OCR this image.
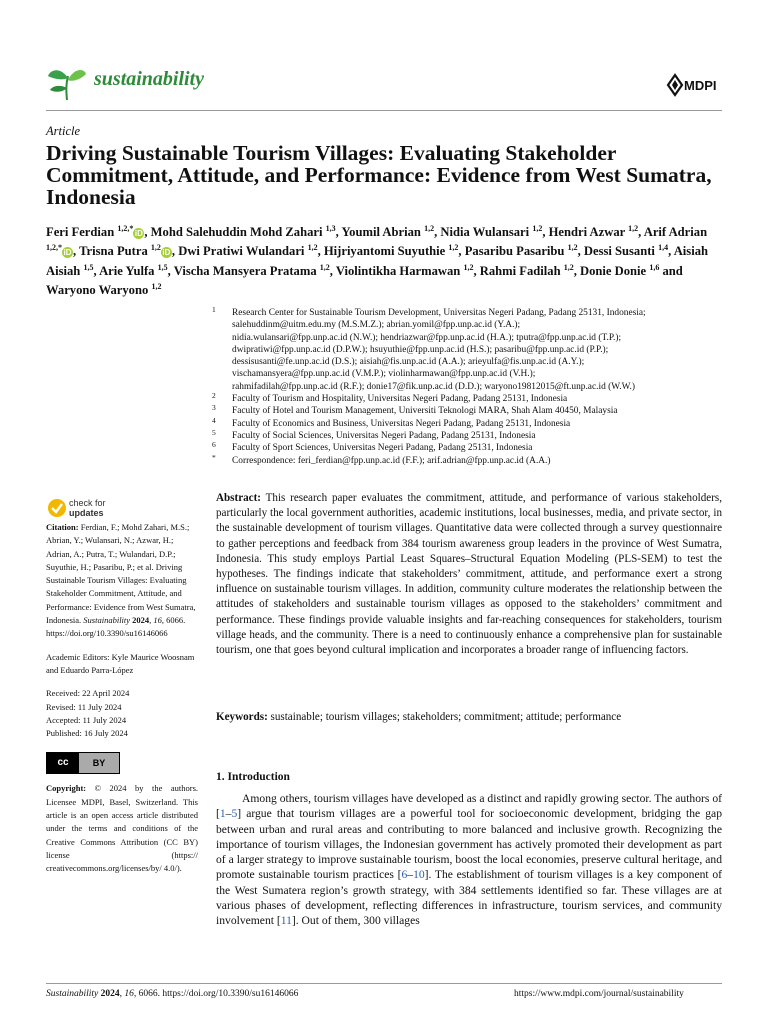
sustainability	MDPI
Article
Driving Sustainable Tourism Villages: Evaluating Stakeholder Commitment, Attitude, and Performance: Evidence from West Sumatra, Indonesia
Feri Ferdian $^{1,2,*}$iD , Mohd Salehuddin Mohd Zahari $^{1,3}$, Youmil Abrian $^{1,2}$, Nidia Wulansari $^{1,2}$, Hendri Azwar $^{1,2}$, Arif Adrian $^{1,2,*}$iD , Trisna Putra $^{1,2}$iD , Dwi Pratiwi Wulandari $^{1,2}$, Hijriyantomi Suyuthie $^{1,2}$, Pasaribu Pasaribu $^{1,2}$, Dessi Susanti $^{1,4}$, Aisiah Aisiah $^{1,5}$, Arie Yulfa $^{1,5}$, Vischa Mansyera Pratama $^{1,2}$, Violintikha Harmawan $^{1,2}$, Rahmi Fadilah $^{1,2}$, Donie Donie $^{1,6}$ and Waryono Waryono $^{1,2}$
1 Research Center for Sustainable Tourism Development, Universitas Negeri Padang, Padang 25131, Indonesia;
salehuddinm@uitm.edu.my (M.S.M.Z.); abrian.yomil@fpp.unp.ac.id (Y.A.);
nidia.wulansari@fpp.unp.ac.id (N.W.); hendriazwar@fpp.unp.ac.id (H.A.); tputra@fpp.unp.ac.id (T.P.);
dwipratiwi@fpp.unp.ac.id (D.P.W.); hsuyuthie@fpp.unp.ac.id (H.S.); pasaribu@fpp.unp.ac.id (P.P.);
dessisusanti@fe.unp.ac.id (D.S.); aisiah@fis.unp.ac.id (A.A.); arieyulfa@fis.unp.ac.id (A.Y.);
vischamansyera@fpp.unp.ac.id (V.M.P.); violinharmawan@fpp.unp.ac.id (V.H.);
rahmifadilah@fpp.unp.ac.id (R.F.); donie17@fik.unp.ac.id (D.D.); waryono19812015@ft.unp.ac.id (W.W.)
2 Faculty of Tourism and Hospitality, Universitas Negeri Padang, Padang 25131, Indonesia
3 Faculty of Hotel and Tourism Management, Universiti Teknologi MARA, Shah Alam 40450, Malaysia
4 Faculty of Economics and Business, Universitas Negeri Padang, Padang 25131, Indonesia
5 Faculty of Social Sciences, Universitas Negeri Padang, Padang 25131, Indonesia
6 Faculty of Sport Sciences, Universitas Negeri Padang, Padang 25131, Indonesia
* Correspondence: feri_ferdian@fpp.unp.ac.id (F.F.); arif.adrian@fpp.unp.ac.id (A.A.)
check for
updates

Citation: Ferdian, F.; Mohd Zahari, M.S.; Abrian, Y.; Wulansari, N.; Azwar, H.; Adrian, A.; Putra, T.; Wulandari, D.P.; Suyuthie, H.; Pasaribu, P.; et al. Driving Sustainable Tourism Villages: Evaluating Stakeholder Commitment, Attitude, and Performance: Evidence from West Sumatra, Indonesia. Sustainability 2024, 16, 6066. https://doi.org/10.3390/su16146066

Academic Editors: Kyle Maurice Woosnam and Eduardo Parra-López

Received: 22 April 2024

Revised: 11 July 2024

Accepted: 11 July 2024

Published: 16 July 2024

cc	BY

Copyright: © 2024 by the authors. Licensee MDPI, Basel, Switzerland. This article is an open access article distributed under the terms and conditions of the Creative Commons Attribution (CC BY) license (https:// creativecommons.org/licenses/by/ 4.0/).

Abstract: This research paper evaluates the commitment, attitude, and performance of various stakeholders, particularly the local government authorities, academic institutions, local businesses, media, and private sector, in the sustainable development of tourism villages. Quantitative data were collected through a survey questionnaire to gather perceptions and feedback from 384 tourism awareness group leaders in the province of West Sumatra, Indonesia. This study employs Partial Least Squares–Structural Equation Modeling (PLS-SEM) to test the hypotheses. The findings indicate that stakeholders’ commitment, attitude, and performance exert a strong influence on sustainable tourism villages. In addition, community culture moderates the relationship between the attitudes of stakeholders and sustainable tourism villages as opposed to the stakeholders’ commitment and performance. These findings provide valuable insights and far-reaching consequences for stakeholders, tourism village heads, and the community. There is a need to continuously enhance a comprehensive plan for sustainable tourism, one that goes beyond cultural implication and incorporates a broader range of influencing factors.
Keywords: sustainable; tourism villages; stakeholders; commitment; attitude; performance
1. Introduction
Among others, tourism villages have developed as a distinct and rapidly growing sector. The authors of [1–5] argue that tourism villages are a powerful tool for socioeconomic development, bridging the gap between urban and rural areas and contributing to more balanced and inclusive growth. Recognizing the importance of tourism villages, the Indonesian government has actively promoted their development as part of a larger strategy to improve sustainable tourism, boost the local economies, preserve cultural heritage, and promote sustainable tourism practices [6–10]. The establishment of tourism villages is a key component of the West Sumatera region’s growth strategy, with 384 settlements identified so far. These villages are at various phases of development, reflecting differences in infrastructure, tourism services, and community involvement [11]. Out of them, 300 villages
Sustainability 2024, 16, 6066. https://doi.org/10.3390/su16146066	https://www.mdpi.com/journal/sustainability
